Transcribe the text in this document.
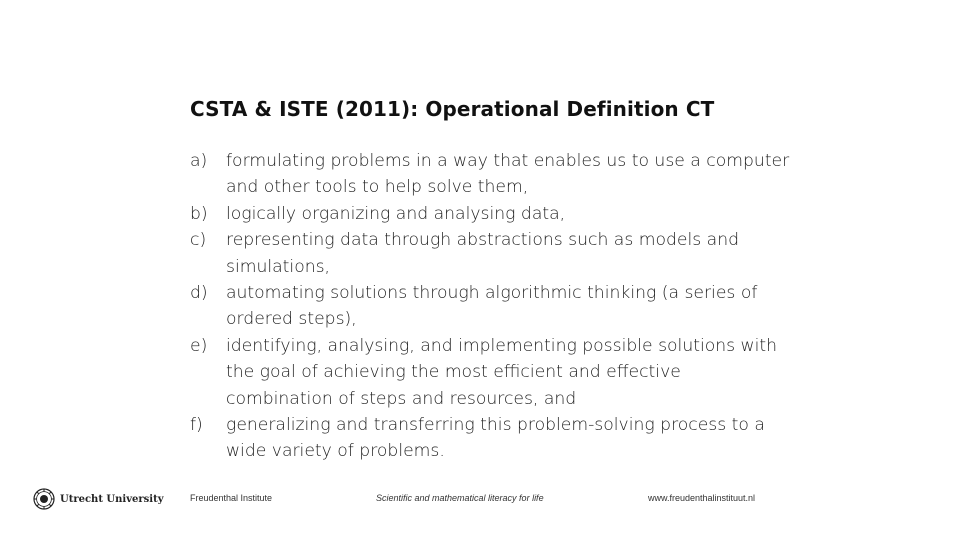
CSTA & ISTE (2011): Operational Definition CT
a)	formulating problems in a way that enables us to use a computer and other tools to help solve them,
b)	logically organizing and analysing data,
c)	representing data through abstractions such as models and simulations,
d)	automating solutions through algorithmic thinking (a series of ordered steps),
e)	identifying, analysing, and implementing possible solutions with the goal of achieving the most efficient and effective combination of steps and resources, and
f)	generalizing and transferring this problem-solving process to a wide variety of problems.
Utrecht University	Freudenthal Institute	Scientific and mathematical literacy for life	www.freudenthalinstituut.nl
